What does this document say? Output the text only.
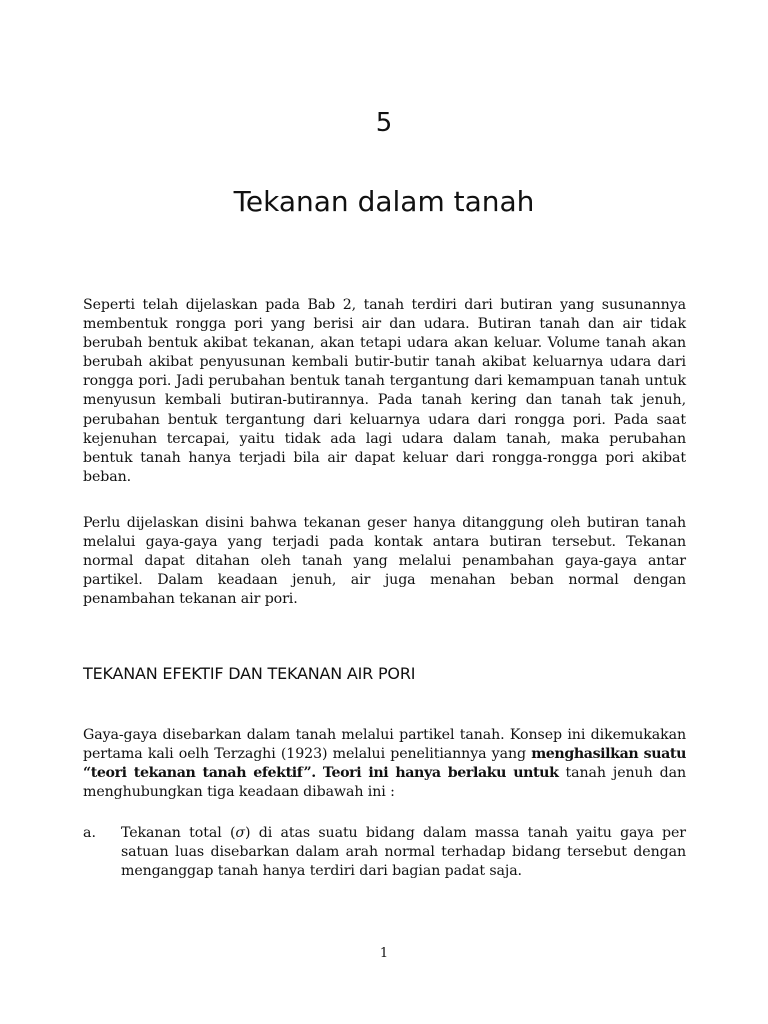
5
Tekanan dalam tanah

Seperti telah dijelaskan pada Bab 2, tanah terdiri dari butiran yang susunannya membentuk rongga pori yang berisi air dan udara. Butiran tanah dan air tidak berubah bentuk akibat tekanan, akan tetapi udara akan keluar. Volume tanah akan berubah akibat penyusunan kembali butir-butir tanah akibat keluarnya udara dari rongga pori. Jadi perubahan bentuk tanah tergantung dari kemampuan tanah untuk menyusun kembali butiran-butirannya. Pada tanah kering dan tanah tak jenuh, perubahan bentuk tergantung dari keluarnya udara dari rongga pori. Pada saat kejenuhan tercapai, yaitu tidak ada lagi udara dalam tanah, maka perubahan bentuk tanah hanya terjadi bila air dapat keluar dari rongga-rongga pori akibat beban.

Perlu dijelaskan disini bahwa tekanan geser hanya ditanggung oleh butiran tanah melalui gaya-gaya yang terjadi pada kontak antara butiran tersebut. Tekanan normal dapat ditahan oleh tanah yang melalui penambahan gaya-gaya antar partikel. Dalam keadaan jenuh, air juga menahan beban normal dengan penambahan tekanan air pori.

TEKANAN EFEKTIF DAN TEKANAN AIR PORI

Gaya-gaya disebarkan dalam tanah melalui partikel tanah. Konsep ini dikemukakan pertama kali oelh Terzaghi (1923) melalui penelitiannya yang menghasilkan suatu “teori tekanan tanah efektif”. Teori ini hanya berlaku untuk tanah jenuh dan menghubungkan tiga keadaan dibawah ini :

a. Tekanan total (σ) di atas suatu bidang dalam massa tanah yaitu gaya per satuan luas disebarkan dalam arah normal terhadap bidang tersebut dengan menganggap tanah hanya terdiri dari bagian padat saja.
1
